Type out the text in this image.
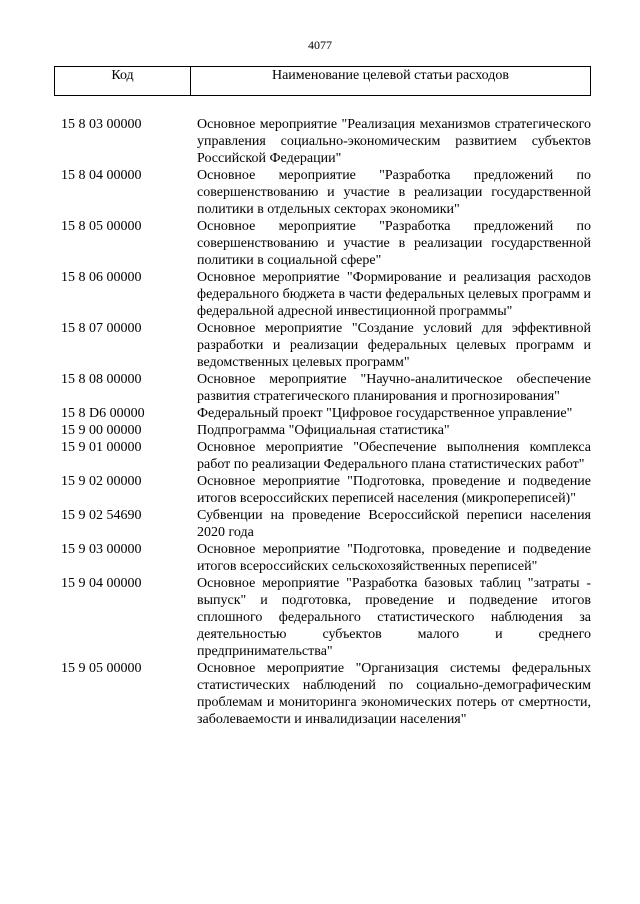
4077
Код	Наименование целевой статьи расходов
15 8 03 00000	Основное мероприятие "Реализация механизмов стратегического управления социально-экономическим развитием субъектов Российской Федерации"
15 8 04 00000	Основное мероприятие "Разработка предложений по совершенствованию и участие в реализации государственной политики в отдельных секторах экономики"
15 8 05 00000	Основное мероприятие "Разработка предложений по совершенствованию и участие в реализации государственной политики в социальной сфере"
15 8 06 00000	Основное мероприятие "Формирование и реализация расходов федерального бюджета в части федеральных целевых программ и федеральной адресной инвестиционной программы"
15 8 07 00000	Основное мероприятие "Создание условий для эффективной разработки и реализации федеральных целевых программ и ведомственных целевых программ"
15 8 08 00000	Основное мероприятие "Научно-аналитическое обеспечение развития стратегического планирования и прогнозирования"
15 8 D6 00000	Федеральный проект "Цифровое государственное управление"
15 9 00 00000	Подпрограмма "Официальная статистика"
15 9 01 00000	Основное мероприятие "Обеспечение выполнения комплекса работ по реализации Федерального плана статистических работ"
15 9 02 00000	Основное мероприятие "Подготовка, проведение и подведение итогов всероссийских переписей населения (микропереписей)"
15 9 02 54690	Субвенции на проведение Всероссийской переписи населения 2020 года
15 9 03 00000	Основное мероприятие "Подготовка, проведение и подведение итогов всероссийских сельскохозяйственных переписей"
15 9 04 00000	Основное мероприятие "Разработка базовых таблиц "затраты - выпуск" и подготовка, проведение и подведение итогов сплошного федерального статистического наблюдения за деятельностью субъектов малого и среднего предпринимательства"
15 9 05 00000	Основное мероприятие "Организация системы федеральных статистических наблюдений по социально-демографическим проблемам и мониторинга экономических потерь от смертности, заболеваемости и инвалидизации населения"
